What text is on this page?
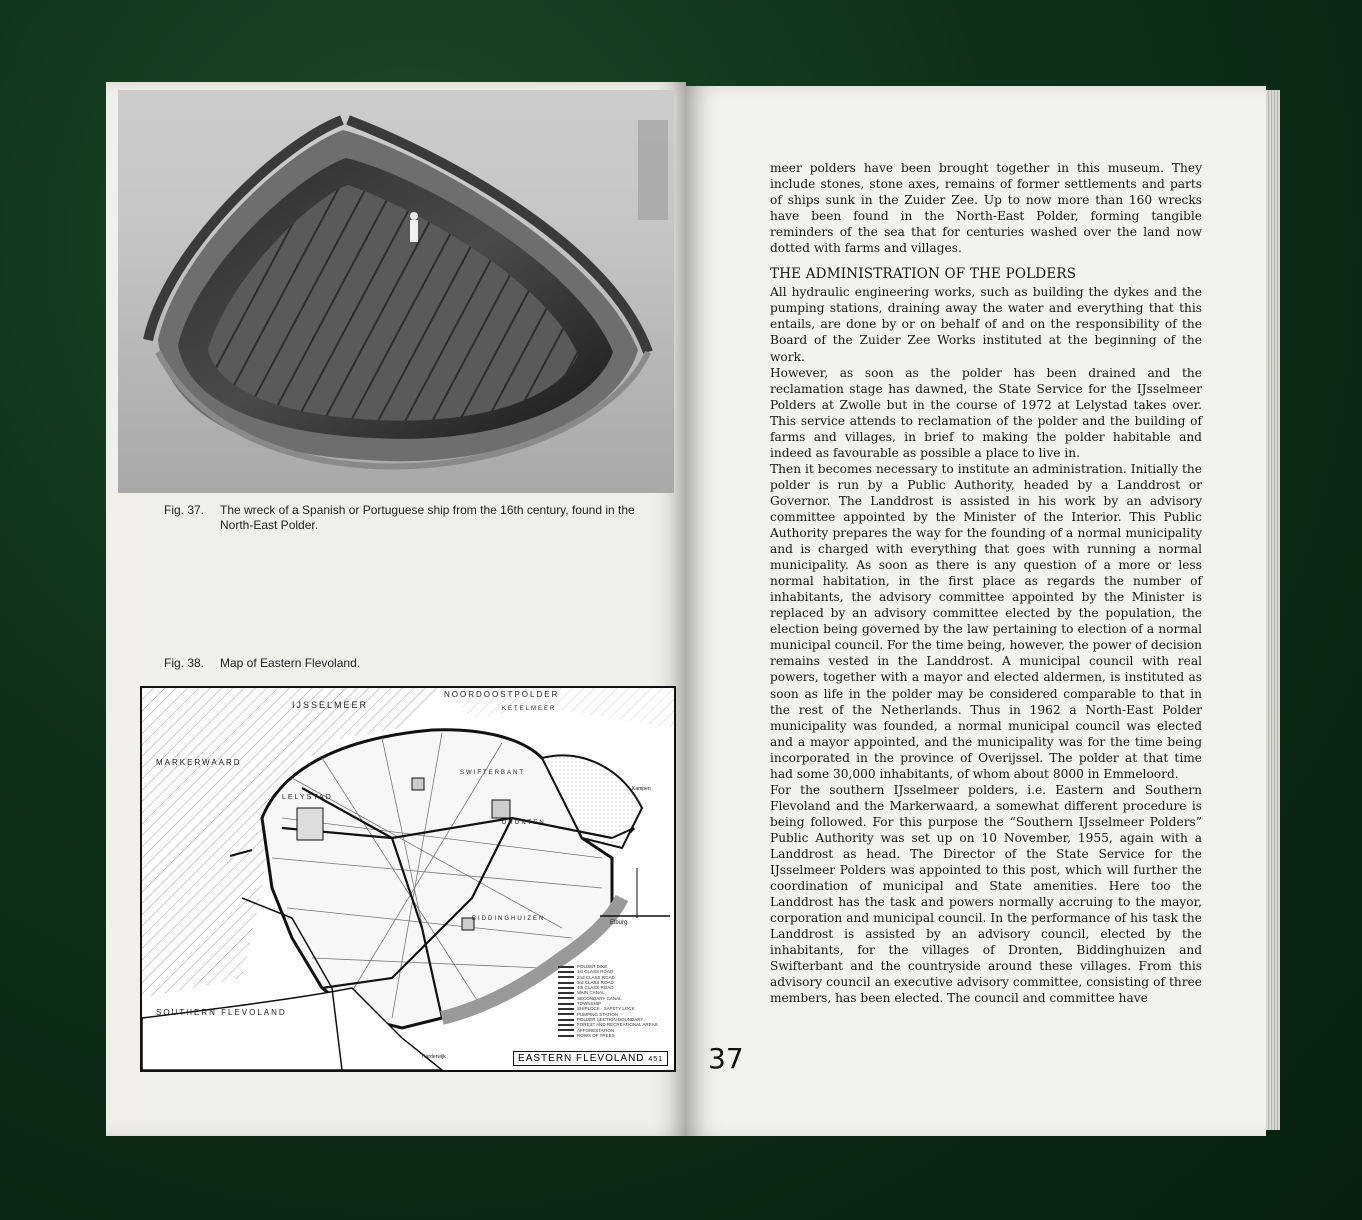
Fig. 37.	The wreck of a Spanish or Portuguese ship from the 16th century, found in the North-East Polder.
Fig. 38.	Map of Eastern Flevoland.
IJSSELMEER
NOORDOOSTPOLDER
KETELMEER
MARKERWAARD
LELYSTAD
SWIFTERBANT
DRONTEN
BIDDINGHUIZEN
SOUTHERN FLEVOLAND
Elburg
Harderwijk
Kampen
POLDER DIKE
1st CLASS ROAD
2nd CLASS ROAD
3rd CLASS ROAD
4th CLASS ROAD
MAIN CANAL
SECONDARY CANAL
TOWNSHIP
SHIPLOCK · SAFETY LOCK
PUMPING STATION
POLDER SECTION BOUNDARY
FOREST AND RECREATIONAL AREAS
AFFORESTATION
ROWS OF TREES
EASTERN FLEVOLAND 451 37

meer polders have been brought together in this museum. They include stones, stone axes, remains of former settlements and parts of ships sunk in the Zuider Zee. Up to now more than 160 wrecks have been found in the North-East Polder, forming tangible reminders of the sea that for centuries washed over the land now dotted with farms and villages.

THE ADMINISTRATION OF THE POLDERS

All hydraulic engineering works, such as building the dykes and the pumping stations, draining away the water and everything that this entails, are done by or on behalf of and on the responsibility of the Board of the Zuider Zee Works instituted at the beginning of the work.

However, as soon as the polder has been drained and the reclamation stage has dawned, the State Service for the IJsselmeer Polders at Zwolle but in the course of 1972 at Lelystad takes over. This service attends to reclamation of the polder and the building of farms and villages, in brief to making the polder habitable and indeed as favourable as possible a place to live in.

Then it becomes necessary to institute an administration. Initially the polder is run by a Public Authority, headed by a Landdrost or Governor. The Landdrost is assisted in his work by an advisory committee appointed by the Minister of the Interior. This Public Authority prepares the way for the founding of a normal municipality and is charged with everything that goes with running a normal municipality. As soon as there is any question of a more or less normal habitation, in the first place as regards the number of inhabitants, the advisory committee appointed by the Minister is replaced by an advisory committee elected by the population, the election being governed by the law pertaining to election of a normal municipal council. For the time being, however, the power of decision remains vested in the Landdrost. A municipal council with real powers, together with a mayor and elected aldermen, is instituted as soon as life in the polder may be considered comparable to that in the rest of the Netherlands. Thus in 1962 a North-East Polder municipality was founded, a normal municipal council was elected and a mayor appointed, and the municipality was for the time being incorporated in the province of Overijssel. The polder at that time had some 30,000 inhabitants, of whom about 8000 in Emmeloord.

For the southern IJsselmeer polders, i.e. Eastern and Southern Flevoland and the Markerwaard, a somewhat different procedure is being followed. For this purpose the “Southern IJsselmeer Polders” Public Authority was set up on 10 November, 1955, again with a Landdrost as head. The Director of the State Service for the IJsselmeer Polders was appointed to this post, which will further the coordination of municipal and State amenities. Here too the Landdrost has the task and powers normally accruing to the mayor, corporation and municipal council. In the performance of his task the Landdrost is assisted by an advisory council, elected by the inhabitants, for the villages of Dronten, Biddinghuizen and Swifterbant and the countryside around these villages. From this advisory council an executive advisory committee, consisting of three members, has been elected. The council and committee have
